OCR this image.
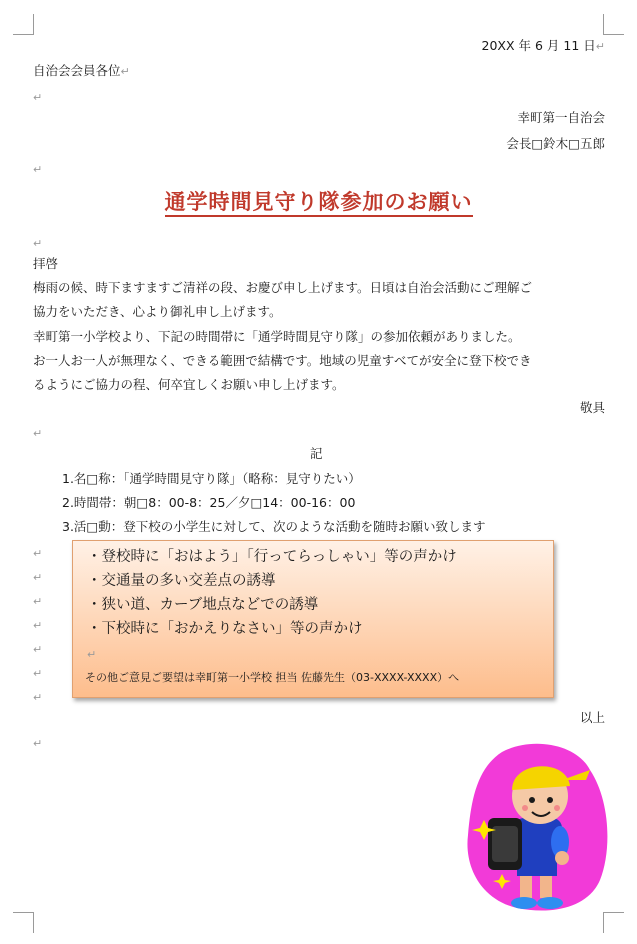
20XX 年 6 月 11 日↵
自治会会員各位↵
↵
幸町第一自治会
会長□鈴木□五郎
↵
通学時間見守り隊参加のお願い
↵
拝啓
梅雨の候、時下ますますご清祥の段、お慶び申し上げます。日頃は自治会活動にご理解ご
協力をいただき、心より御礼申し上げます。
幸町第一小学校より、下記の時間帯に「通学時間見守り隊」の参加依頼がありました。
お一人お一人が無理なく、できる範囲で結構です。地域の児童すべてが安全に登下校でき
るようにご協力の程、何卒宜しくお願い申し上げます。
敬具
↵
記
1.名□称：「通学時間見守り隊」（略称：見守りたい）
2.時間帯：朝□8：00-8：25／夕□14：00-16：00
3.活□動：登下校の小学生に対して、次のような活動を随時お願い致します
↵
↵
↵
↵
↵
↵
↵
・登校時に「おはよう」「行ってらっしゃい」等の声かけ
・交通量の多い交差点の誘導
・狭い道、カーブ地点などでの誘導
・下校時に「おかえりなさい」等の声かけ
↵
その他ご意見ご要望は幸町第一小学校 担当 佐藤先生（03-XXXX-XXXX）へ
以上
↵
